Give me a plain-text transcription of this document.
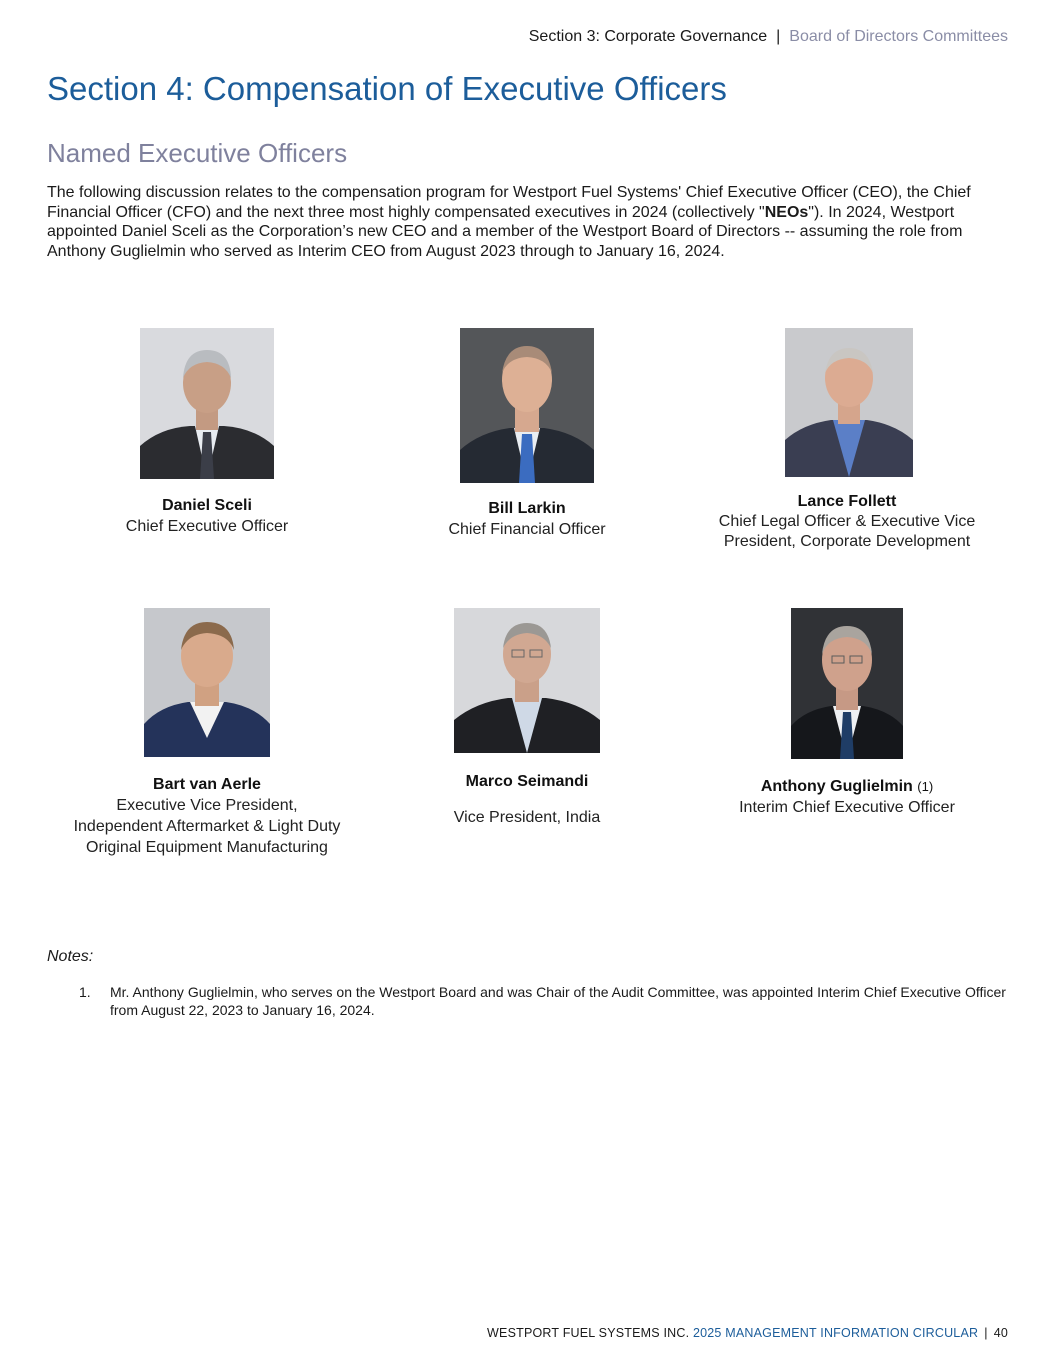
Section 3: Corporate Governance | Board of Directors Committees
Section 4: Compensation of Executive Officers
Named Executive Officers
The following discussion relates to the compensation program for Westport Fuel Systems' Chief Executive Officer (CEO), the Chief Financial Officer (CFO) and the next three most highly compensated executives in 2024 (collectively "NEOs"). In 2024, Westport appointed Daniel Sceli as the Corporation’s new CEO and a member of the Westport Board of Directors -- assuming the role from Anthony Guglielmin who served as Interim CEO from August 2023 through to January 16, 2024.
Daniel Sceli
Chief Executive Officer
Bill Larkin
Chief Financial Officer
Lance Follett
Chief Legal Officer & Executive Vice
President, Corporate Development
Bart van Aerle
Executive Vice President,
Independent Aftermarket & Light Duty
Original Equipment Manufacturing
Marco Seimandi
Vice President, India
Anthony Guglielmin (1)
Interim Chief Executive Officer
Notes:
1. Mr. Anthony Guglielmin, who serves on the Westport Board and was Chair of the Audit Committee, was appointed Interim Chief Executive Officer from August 22, 2023 to January 16, 2024.
WESTPORT FUEL SYSTEMS INC. 2025 MANAGEMENT INFORMATION CIRCULAR | 40
